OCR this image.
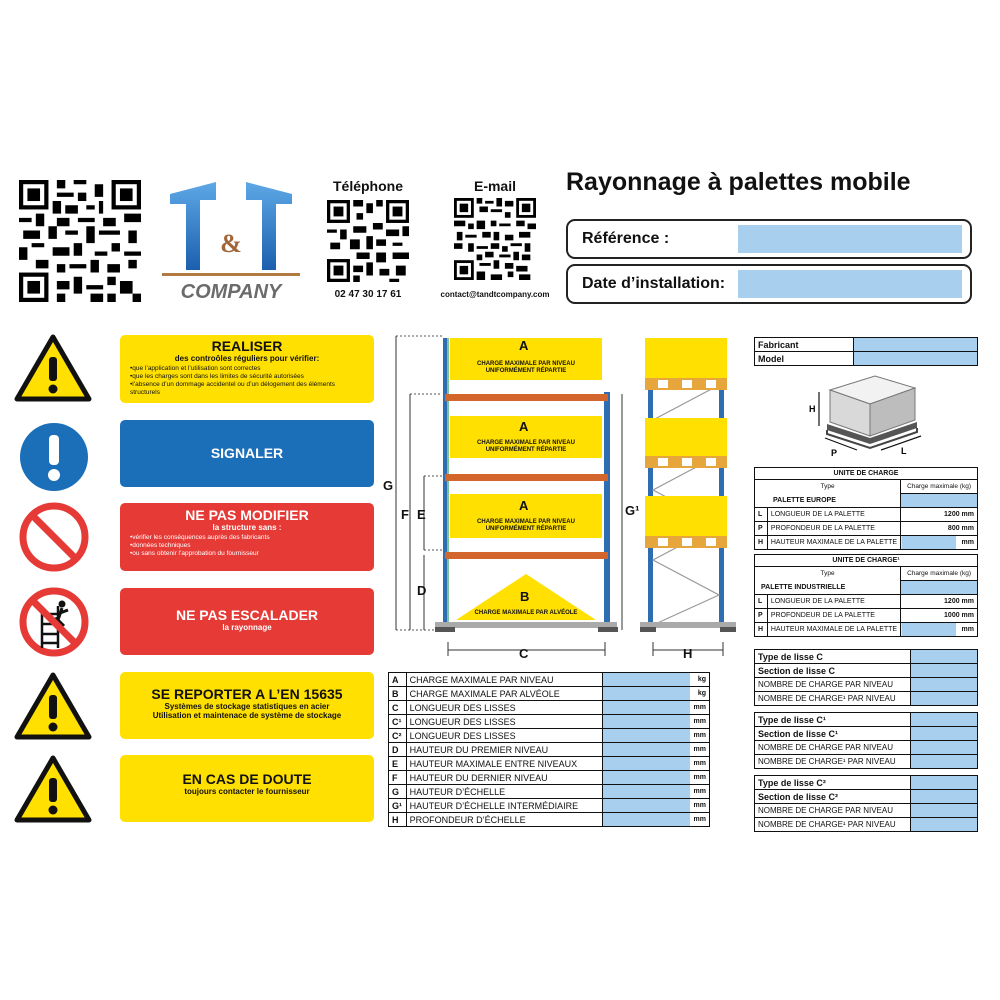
&
COMPANY
Téléphone
02 47 30 17 61
E-mail
contact@tandtcompany.com
Rayonnage à palettes mobile
Référence :
Date d’installation:
REALISER
des controôles réguliers pour vérifier:
• que l’application et l’utilisation sont correctes
• que les charges sont dans les limites de sécurité autorisées
• l’absence d’un dommage accidentel ou d’un délogement des éléments structurels
SIGNALER
NE PAS MODIFIER
la structure sans :
• vérifier les conséquences auprès des fabricants
• données techniques
• ou sans obtenir l’approbation du fournisseur
NE PAS ESCALADER
la rayonnage
SE REPORTER A L’EN 15635
Systèmes de stockage statistiques en acier
Utilisation et maintenace de système de stockage
EN CAS DE DOUTE
toujours contacter le fournisseur
A
CHARGE MAXIMALE PAR NIVEAU
UNIFORMÉMENT RÉPARTIE
A
CHARGE MAXIMALE PAR NIVEAU
UNIFORMÉMENT RÉPARTIE
A
CHARGE MAXIMALE PAR NIVEAU
UNIFORMÉMENT RÉPARTIE
B
CHARGE MAXIMALE PAR ALVÉOLE
G
F E
D
C
G¹
H
A	CHARGE MAXIMALE PAR NIVEAU		kg
B	CHARGE MAXIMALE PAR ALVÉOLE		kg
C	LONGUEUR DES LISSES		mm
C¹	LONGUEUR DES LISSES		mm
C²	LONGUEUR DES LISSES		mm
D	HAUTEUR DU PREMIER NIVEAU		mm
E	HAUTEUR MAXIMALE ENTRE NIVEAUX		mm
F	HAUTEUR DU DERNIER NIVEAU		mm
G	HAUTEUR D’ÉCHELLE		mm
G¹	HAUTEUR D’ÉCHELLE INTERMÉDIAIRE		mm
H	PROFONDEUR D’ÉCHELLE		mm
Fabricant	
Model	
H
P	L
UNITE DE CHARGE		
Type		Charge maximale (kg)
PALETTE EUROPE		
L	LONGUEUR DE LA PALETTE	1200 mm
P	PROFONDEUR DE LA PALETTE	800 mm
H	HAUTEUR MAXIMALE DE LA PALETTE	mm
UNITE DE CHARGE¹		
Type		Charge maximale (kg)
PALETTE INDUSTRIELLE		
L	LONGUEUR DE LA PALETTE	1200 mm
P	PROFONDEUR DE LA PALETTE	1000 mm
H	HAUTEUR MAXIMALE DE LA PALETTE	mm
Type de lisse C	
Section de lisse C	
NOMBRE DE CHARGE PAR NIVEAU	
NOMBRE DE CHARGE¹ PAR NIVEAU	
Type de lisse C¹	
Section de lisse C¹	
NOMBRE DE CHARGE PAR NIVEAU	
NOMBRE DE CHARGE¹ PAR NIVEAU	
Type de lisse C²	
Section de lisse C²	
NOMBRE DE CHARGE PAR NIVEAU	
NOMBRE DE CHARGE¹ PAR NIVEAU	
